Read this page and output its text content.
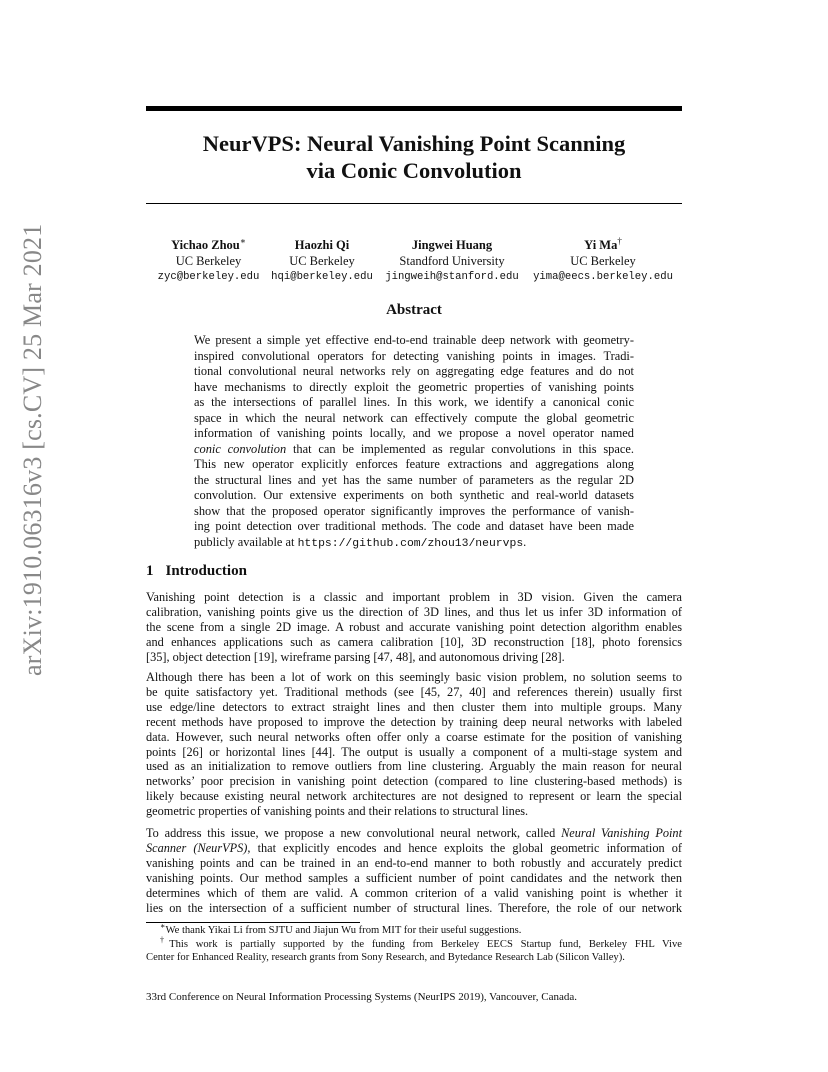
arXiv:1910.06316v3 [cs.CV] 25 Mar 2021
NeurVPS: Neural Vanishing Point Scanning
via Conic Convolution
Yichao Zhou∗
UC Berkeley
zyc@berkeley.edu
Haozhi Qi
UC Berkeley
hqi@berkeley.edu
Jingwei Huang
Standford University
jingweih@stanford.edu
Yi Ma†
UC Berkeley
yima@eecs.berkeley.edu
Abstract
We present a simple yet effective end-to-end trainable deep network with geometry-
inspired convolutional operators for detecting vanishing points in images. Tradi-
tional convolutional neural networks rely on aggregating edge features and do not
have mechanisms to directly exploit the geometric properties of vanishing points
as the intersections of parallel lines. In this work, we identify a canonical conic
space in which the neural network can effectively compute the global geometric
information of vanishing points locally, and we propose a novel operator named
conic convolution that can be implemented as regular convolutions in this space.
This new operator explicitly enforces feature extractions and aggregations along
the structural lines and yet has the same number of parameters as the regular 2D
convolution. Our extensive experiments on both synthetic and real-world datasets
show that the proposed operator significantly improves the performance of vanish-
ing point detection over traditional methods. The code and dataset have been made
publicly available at https://github.com/zhou13/neurvps.
1 Introduction
Vanishing point detection is a classic and important problem in 3D vision. Given the camera
calibration, vanishing points give us the direction of 3D lines, and thus let us infer 3D information of
the scene from a single 2D image. A robust and accurate vanishing point detection algorithm enables
and enhances applications such as camera calibration [10], 3D reconstruction [18], photo forensics
[35], object detection [19], wireframe parsing [47, 48], and autonomous driving [28].
Although there has been a lot of work on this seemingly basic vision problem, no solution seems to
be quite satisfactory yet. Traditional methods (see [45, 27, 40] and references therein) usually first
use edge/line detectors to extract straight lines and then cluster them into multiple groups. Many
recent methods have proposed to improve the detection by training deep neural networks with labeled
data. However, such neural networks often offer only a coarse estimate for the position of vanishing
points [26] or horizontal lines [44]. The output is usually a component of a multi-stage system and
used as an initialization to remove outliers from line clustering. Arguably the main reason for neural
networks’ poor precision in vanishing point detection (compared to line clustering-based methods) is
likely because existing neural network architectures are not designed to represent or learn the special
geometric properties of vanishing points and their relations to structural lines.
To address this issue, we propose a new convolutional neural network, called Neural Vanishing Point
Scanner (NeurVPS), that explicitly encodes and hence exploits the global geometric information of
vanishing points and can be trained in an end-to-end manner to both robustly and accurately predict
vanishing points. Our method samples a sufficient number of point candidates and the network then
determines which of them are valid. A common criterion of a valid vanishing point is whether it
lies on the intersection of a sufficient number of structural lines. Therefore, the role of our network
∗We thank Yikai Li from SJTU and Jiajun Wu from MIT for their useful suggestions.
†This work is partially supported by the funding from Berkeley EECS Startup fund, Berkeley FHL Vive
Center for Enhanced Reality, research grants from Sony Research, and Bytedance Research Lab (Silicon Valley).
33rd Conference on Neural Information Processing Systems (NeurIPS 2019), Vancouver, Canada.
